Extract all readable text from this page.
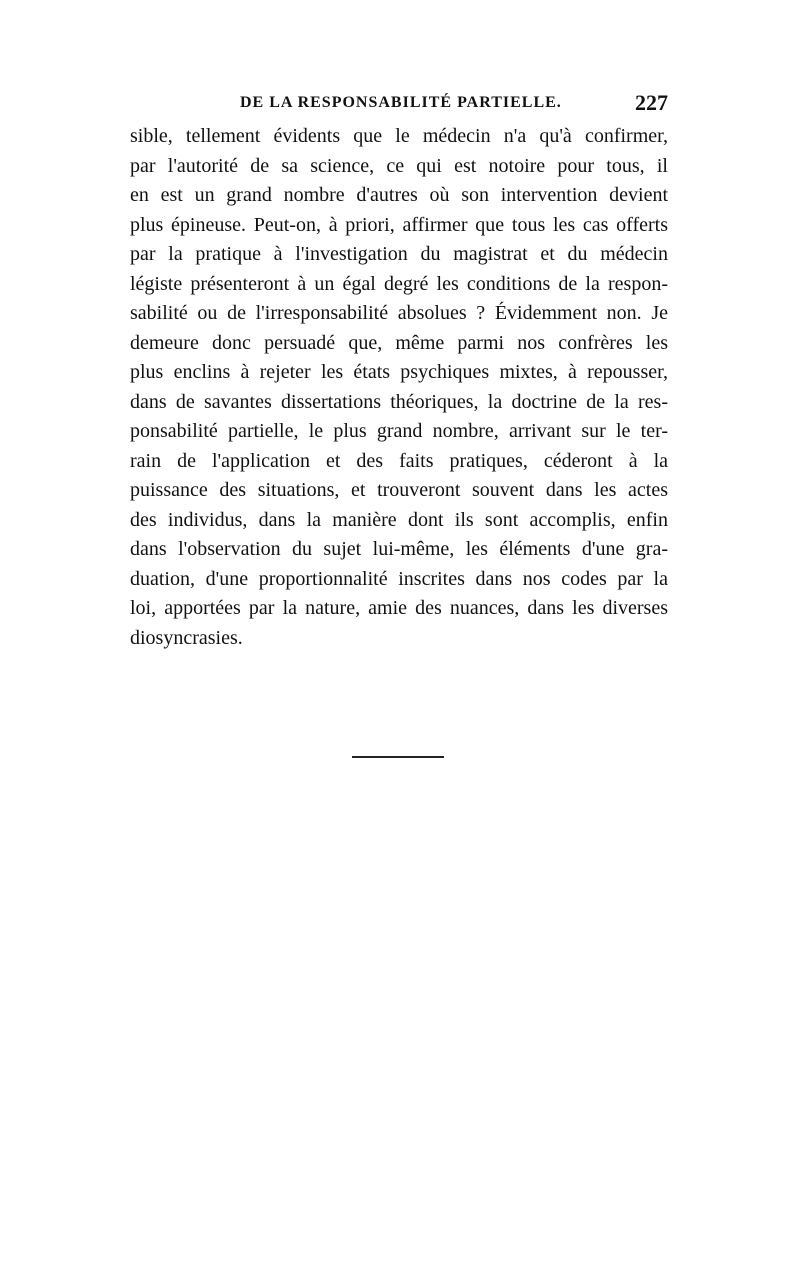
DE LA RESPONSABILITÉ PARTIELLE.	227
sible, tellement évidents que le médecin n'a qu'à confirmer,
par l'autorité de sa science, ce qui est notoire pour tous, il
en est un grand nombre d'autres où son intervention devient
plus épineuse. Peut-on, à priori, affirmer que tous les cas offerts
par la pratique à l'investigation du magistrat et du médecin
légiste présenteront à un égal degré les conditions de la respon-
sabilité ou de l'irresponsabilité absolues ? Évidemment non. Je
demeure donc persuadé que, même parmi nos confrères les
plus enclins à rejeter les états psychiques mixtes, à repousser,
dans de savantes dissertations théoriques, la doctrine de la res-
ponsabilité partielle, le plus grand nombre, arrivant sur le ter-
rain de l'application et des faits pratiques, céderont à la
puissance des situations, et trouveront souvent dans les actes
des individus, dans la manière dont ils sont accomplis, enfin
dans l'observation du sujet lui-même, les éléments d'une gra-
duation, d'une proportionnalité inscrites dans nos codes par la
loi, apportées par la nature, amie des nuances, dans les diverses
diosyncrasies.
